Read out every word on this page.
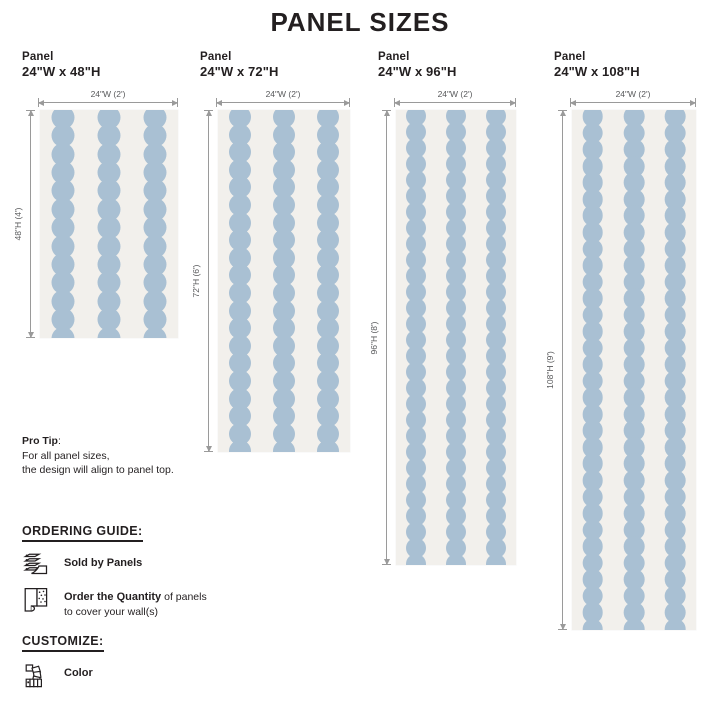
PANEL SIZES
Panel
24"W x 48"H
24"W (2')
48"H (4')
Panel
24"W x 72"H
24"W (2')
72"H (6')
Panel
24"W x 96"H
24"W (2')
96"H (8')
Panel
24"W x 108"H
24"W (2')
108"H (9')
Pro Tip:
For all panel sizes,
the design will align to panel top.
ORDERING GUIDE:
Sold by Panels
Order the Quantity of panels
to cover your wall(s)
CUSTOMIZE:
Color
